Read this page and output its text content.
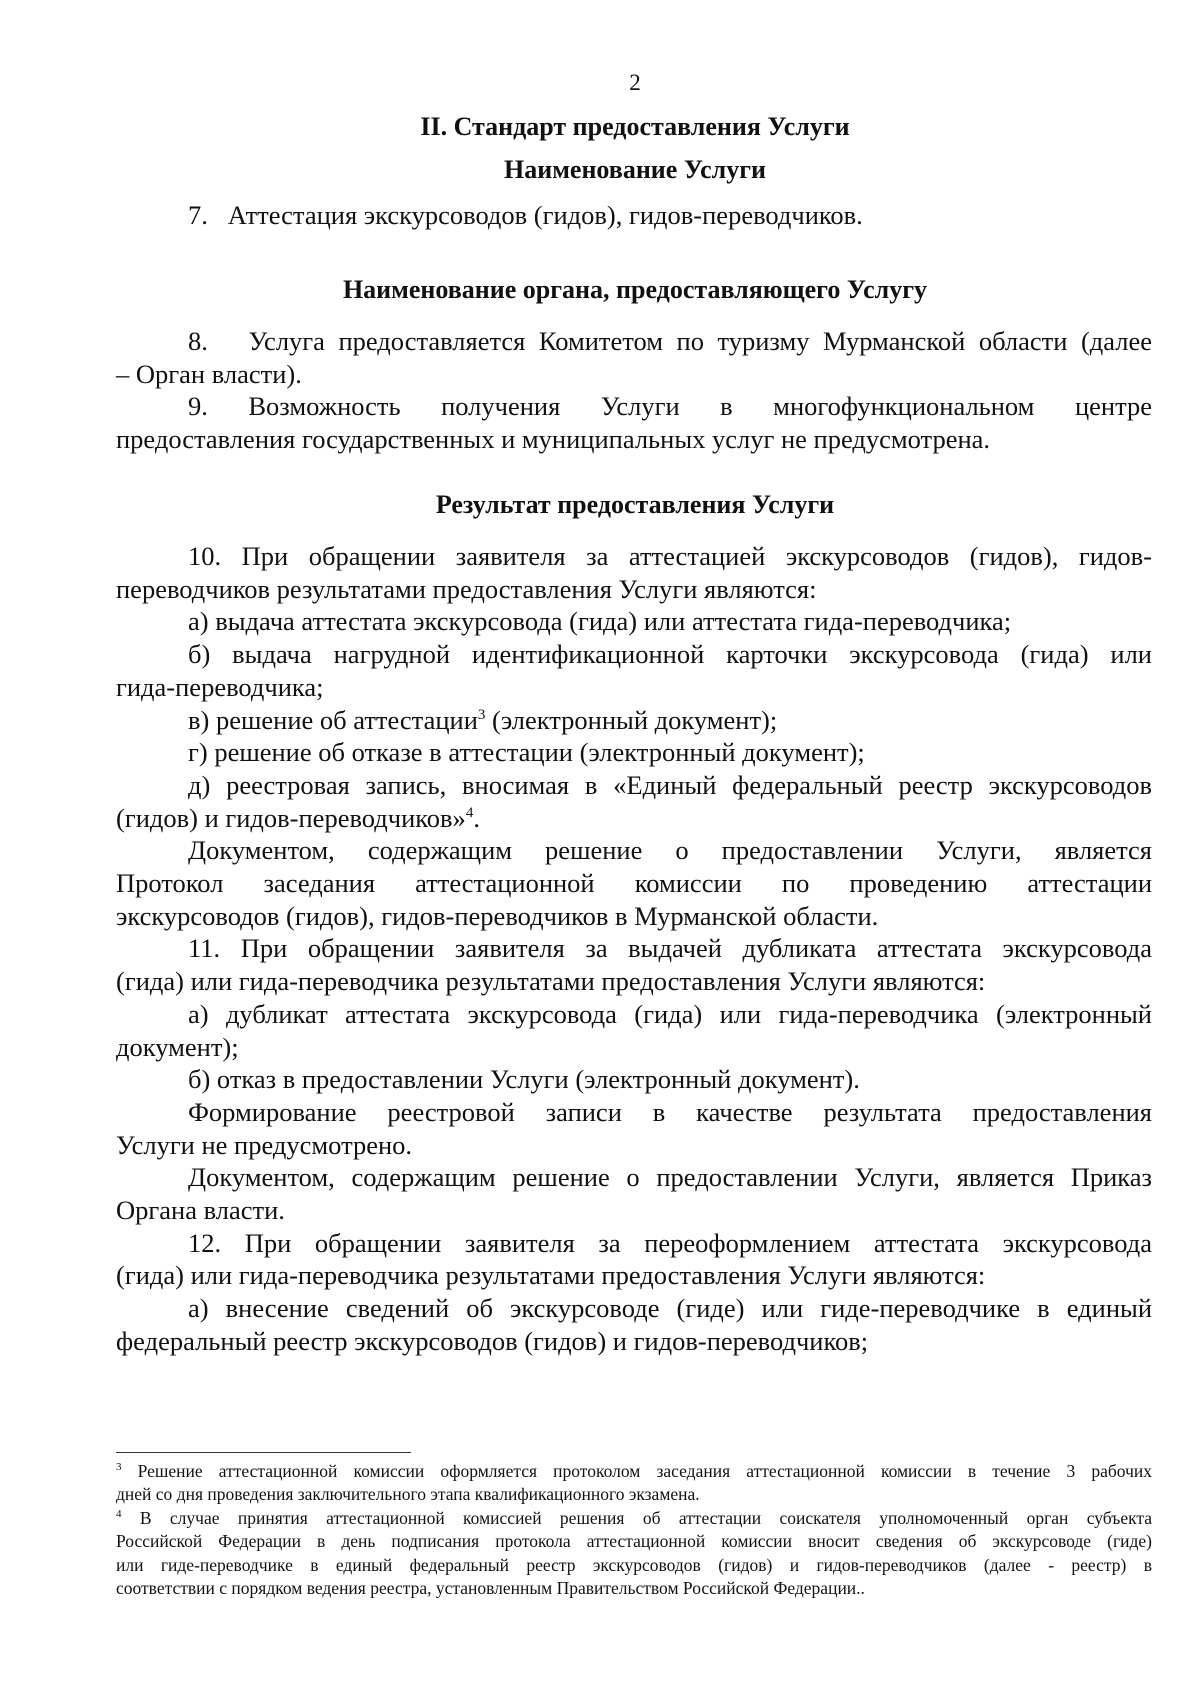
2
II. Стандарт предоставления Услуги
Наименование Услуги
7.   Аттестация экскурсоводов (гидов), гидов-переводчиков.
Наименование органа, предоставляющего Услугу
8.   Услуга предоставляется Комитетом по туризму Мурманской области (далее
– Орган власти).
9. Возможность получения Услуги в многофункциональном центре
предоставления государственных и муниципальных услуг не предусмотрена.
Результат предоставления Услуги
10. При обращении заявителя за аттестацией экскурсоводов (гидов), гидов-
переводчиков результатами предоставления Услуги являются:
а) выдача аттестата экскурсовода (гида) или аттестата гида-переводчика;
б) выдача нагрудной идентификационной карточки экскурсовода (гида) или
гида-переводчика;
в) решение об аттестации$^3$ (электронный документ);
г) решение об отказе в аттестации (электронный документ);
д) реестровая запись, вносимая в «Единый федеральный реестр экскурсоводов
(гидов) и гидов-переводчиков»$^4$.
Документом, содержащим решение о предоставлении Услуги, является
Протокол заседания аттестационной комиссии по проведению аттестации
экскурсоводов (гидов), гидов-переводчиков в Мурманской области.
11. При обращении заявителя за выдачей дубликата аттестата экскурсовода
(гида) или гида-переводчика результатами предоставления Услуги являются:
а) дубликат аттестата экскурсовода (гида) или гида-переводчика (электронный
документ);
б) отказ в предоставлении Услуги (электронный документ).
Формирование реестровой записи в качестве результата предоставления
Услуги не предусмотрено.
Документом, содержащим решение о предоставлении Услуги, является Приказ
Органа власти.
12. При обращении заявителя за переоформлением аттестата экскурсовода
(гида) или гида-переводчика результатами предоставления Услуги являются:
а) внесение сведений об экскурсоводе (гиде) или гиде-переводчике в единый
федеральный реестр экскурсоводов (гидов) и гидов-переводчиков;
$^3$ Решение аттестационной комиссии оформляется протоколом заседания аттестационной комиссии в течение 3 рабочих
дней со дня проведения заключительного этапа квалификационного экзамена.
$^4$ В случае принятия аттестационной комиссией решения об аттестации соискателя уполномоченный орган субъекта
Российской Федерации в день подписания протокола аттестационной комиссии вносит сведения об экскурсоводе (гиде)
или гиде-переводчике в единый федеральный реестр экскурсоводов (гидов) и гидов-переводчиков (далее - реестр) в
соответствии с порядком ведения реестра, установленным Правительством Российской Федерации..
